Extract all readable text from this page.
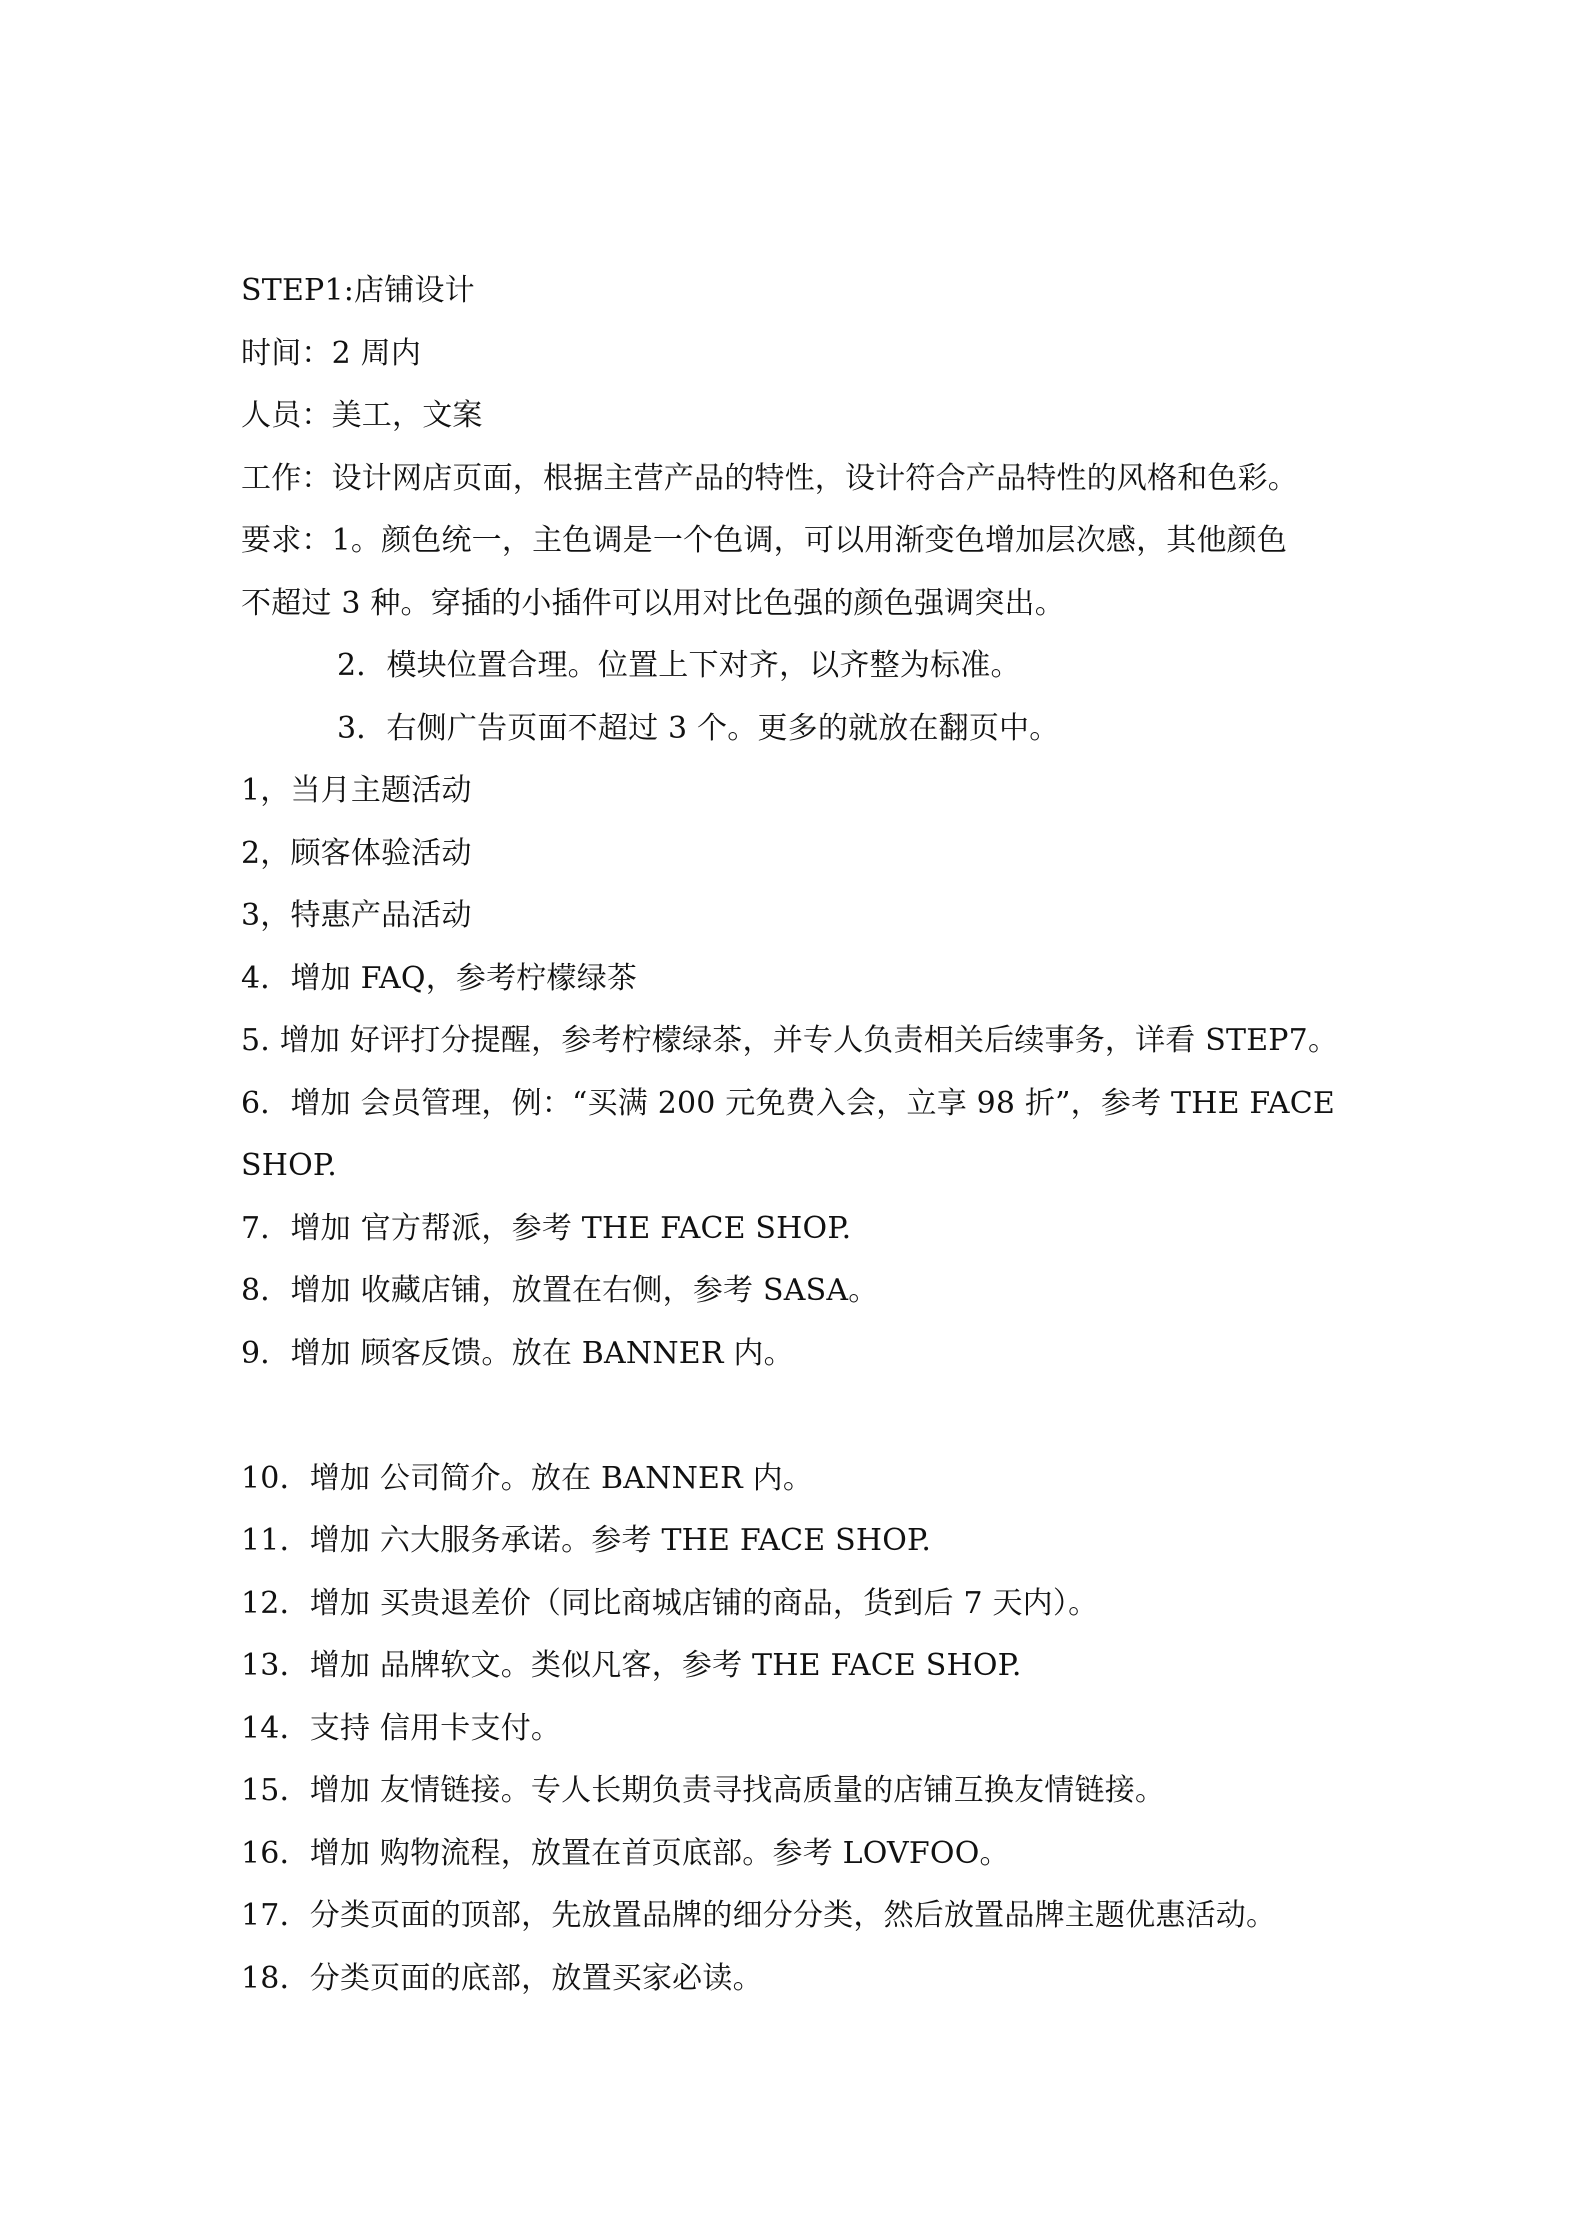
STEP1:店铺设计
时间：2 周内
人员：美工，文案
工作：设计网店页面，根据主营产品的特性，设计符合产品特性的风格和色彩。
要求：1。颜色统一，主色调是一个色调，可以用渐变色增加层次感，其他颜色
不超过 3 种。穿插的小插件可以用对比色强的颜色强调突出。
2．模块位置合理。位置上下对齐，以齐整为标准。
3．右侧广告页面不超过 3 个。更多的就放在翻页中。
1，当月主题活动
2，顾客体验活动
3，特惠产品活动
4．增加 FAQ，参考柠檬绿茶
5. 增加 好评打分提醒，参考柠檬绿茶，并专人负责相关后续事务，详看 STEP7。
6．增加 会员管理，例：“买满 200 元免费入会，立享 98 折”，参考 THE FACE
SHOP.
7．增加 官方帮派，参考 THE FACE SHOP.
8．增加 收藏店铺，放置在右侧，参考 SASA。
9．增加 顾客反馈。放在 BANNER 内。
10．增加 公司简介。放在 BANNER 内。
11．增加 六大服务承诺。参考 THE FACE SHOP.
12．增加 买贵退差价（同比商城店铺的商品，货到后 7 天内）。
13．增加 品牌软文。类似凡客，参考 THE FACE SHOP.
14．支持 信用卡支付。
15．增加 友情链接。专人长期负责寻找高质量的店铺互换友情链接。
16．增加 购物流程，放置在首页底部。参考 LOVFOO。
17．分类页面的顶部，先放置品牌的细分分类，然后放置品牌主题优惠活动。
18．分类页面的底部，放置买家必读。
